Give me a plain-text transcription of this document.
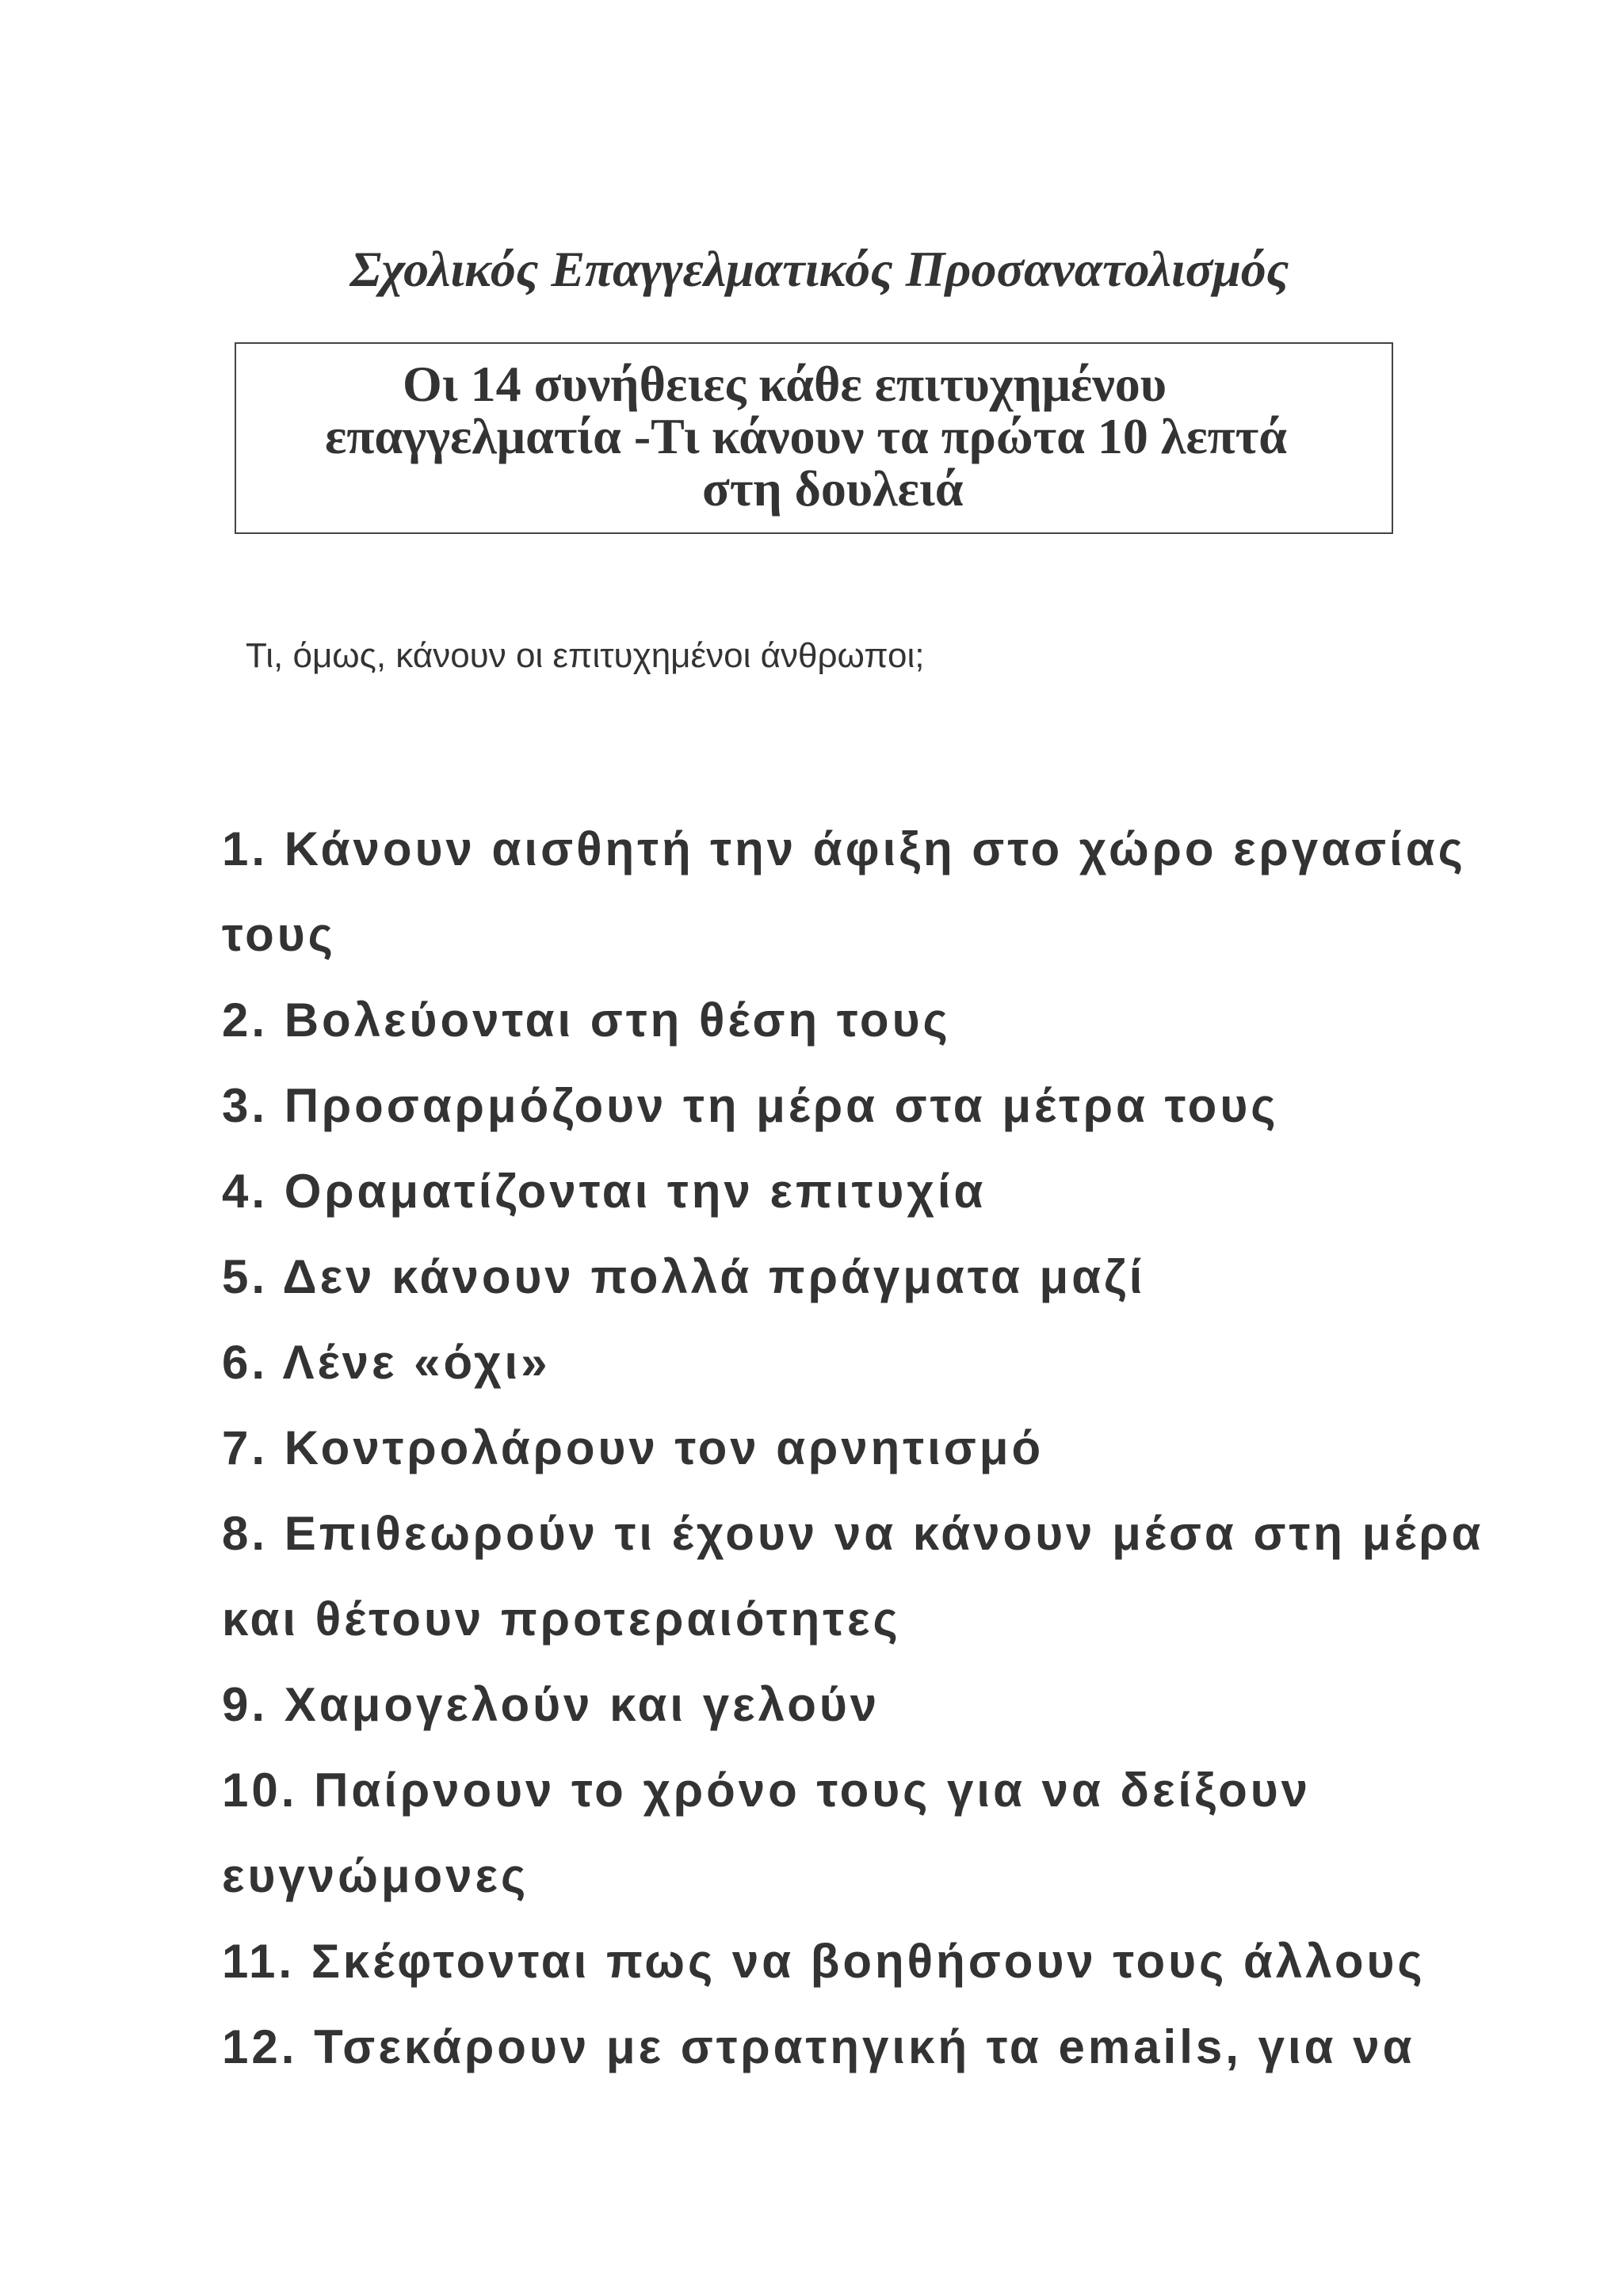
Σχολικός Επαγγελματικός Προσανατολισμός
Οι 14 συνήθειες κάθε επιτυχημένου
επαγγελματία -Τι κάνουν τα πρώτα 10 λεπτά
στη δουλειά
Τι, όμως, κάνουν οι επιτυχημένοι άνθρωποι;
1. Κάνουν αισθητή την άφιξη στο χώρο εργασίας
τους
2. Βολεύονται στη θέση τους
3. Προσαρμόζουν τη μέρα στα μέτρα τους
4. Οραματίζονται την επιτυχία
5. Δεν κάνουν πολλά πράγματα μαζί
6. Λένε «όχι»
7. Κοντρολάρουν τον αρνητισμό
8. Επιθεωρούν τι έχουν να κάνουν μέσα στη μέρα
και θέτουν προτεραιότητες
9. Χαμογελούν και γελούν
10. Παίρνουν το χρόνο τους για να δείξουν
ευγνώμονες
11. Σκέφτονται πως να βοηθήσουν τους άλλους
12. Τσεκάρουν με στρατηγική τα emails, για να
